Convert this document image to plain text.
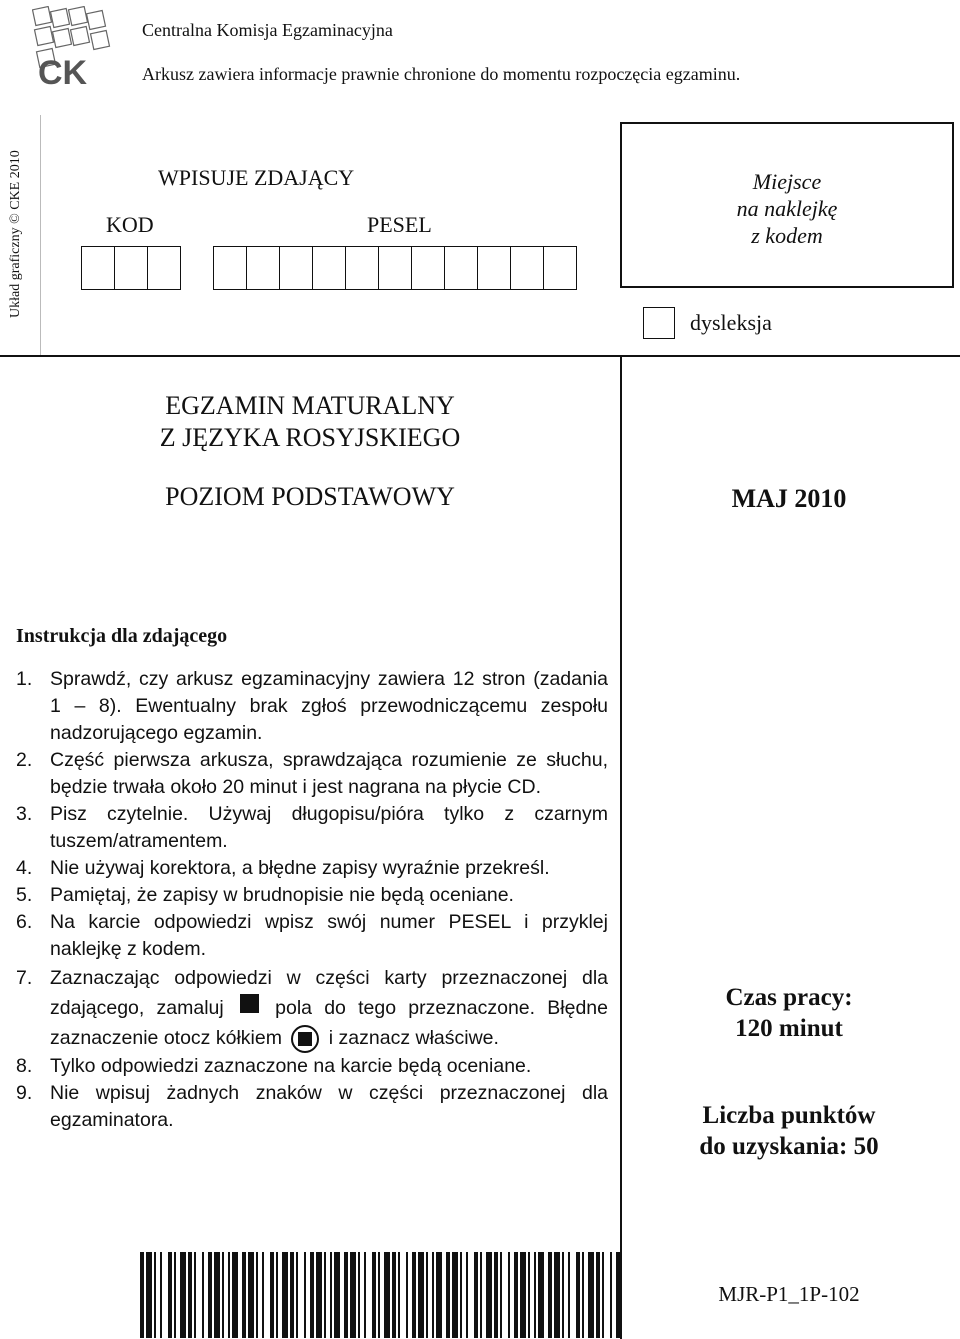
CK
Centralna Komisja Egzaminacyjna
Arkusz zawiera informacje prawnie chronione do momentu rozpoczęcia egzaminu.
Układ graficzny © CKE 2010	WPISUJE ZDAJĄCY
KOD	PESEL
Miejsce
na naklejkę
z kodem
dysleksja
EGZAMIN MATURALNY
Z JĘZYKA ROSYJSKIEGO
POZIOM PODSTAWOWY	MAJ 2010
Instrukcja dla zdającego
1. Sprawdź, czy arkusz egzaminacyjny zawiera 12 stron (zadania 1 – 8). Ewentualny brak zgłoś przewodniczącemu zespołu nadzorującego egzamin.
2. Część pierwsza arkusza, sprawdzająca rozumienie ze słuchu, będzie trwała około 20 minut i jest nagrana na płycie CD.
3. Pisz czytelnie. Używaj długopisu/pióra tylko z czarnym tuszem/atramentem.
4. Nie używaj korektora, a błędne zapisy wyraźnie przekreśl.
5. Pamiętaj, że zapisy w brudnopisie nie będą oceniane.
6. Na karcie odpowiedzi wpisz swój numer PESEL i przyklej naklejkę z kodem.
7. Zaznaczając odpowiedzi w części karty przeznaczonej dla zdającego, zamaluj	pola do tego przeznaczone. Błędne zaznaczenie otocz kółkiem i zaznacz właściwe.
8. Tylko odpowiedzi zaznaczone na karcie będą oceniane.
9. Nie wpisuj żadnych znaków w części przeznaczonej dla egzaminatora.
Czas pracy:
120 minut
Liczba punktów
do uzyskania: 50
MJR-P1_1P-102
